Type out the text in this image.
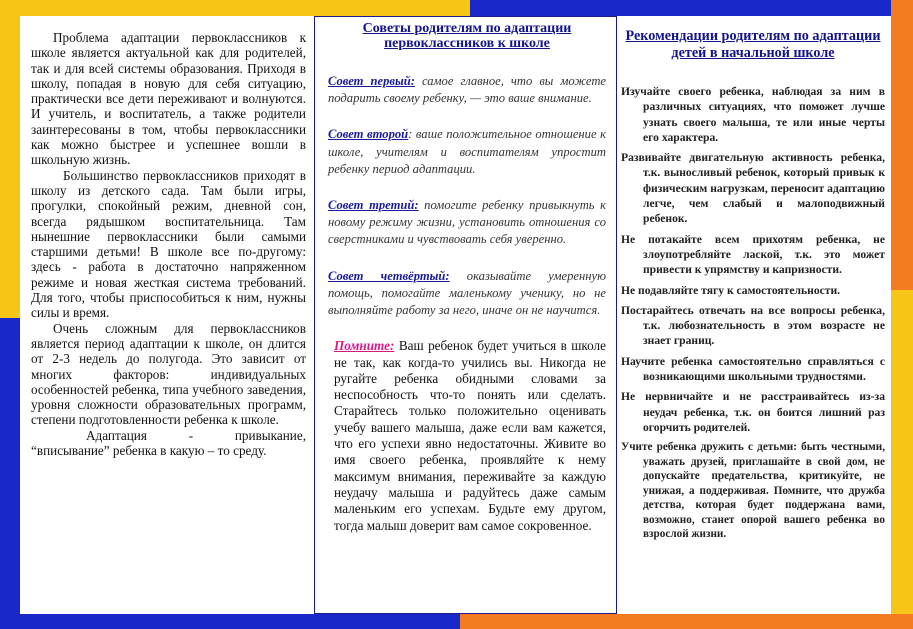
Проблема адаптации первоклассников к школе является актуальной как для родителей, так и для всей системы образования. Приходя в школу, попадая в новую для себя ситуацию, практически все дети переживают и волнуются. И учитель, и воспитатель, а также родители заинтересованы в том, чтобы первоклассники как можно быстрее и успешнее вошли в школьную жизнь.

Большинство первоклассников приходят в школу из детского сада. Там были игры, прогулки, спокойный режим, дневной сон, всегда рядышком воспитательница. Там нынешние первоклассники были самыми старшими детьми! В школе все по-другому: здесь - работа в достаточно напряженном режиме и новая жесткая система требований. Для того, чтобы приспособиться к ним, нужны силы и время.

Очень сложным для первоклассников является период адаптации к школе, он длится от 2-3 недель до полугода. Это зависит от многих факторов: индивидуальных особенностей ребенка, типа учебного заведения, уровня сложности образовательных программ, степени подготовленности ребенка к школе.

Адаптация - привыкание, “вписывание” ребенка в какую – то среду.

Советы родителям по адаптации первоклассников к школе

Совет первый: самое главное, что вы можете подарить своему ребенку, — это ваше внимание.

Совет второй: ваше положительное отношение к школе, учителям и воспитателям упростит ребенку период адаптации.

Совет третий: помогите ребенку привыкнуть к новому режиму жизни, установить отношения со сверстниками и чувствовать себя уверенно.

Совет четвёртый: оказывайте умеренную помощь, помогайте маленькому ученику, но не выполняйте работу за него, иначе он не научится.

Помните: Ваш ребенок будет учиться в школе не так, как когда-то учились вы. Никогда не ругайте ребенка обидными словами за неспособность что-то понять или сделать. Старайтесь только положительно оценивать учебу вашего малыша, даже если вам кажется, что его успехи явно недостаточны. Живите во имя своего ребенка, проявляйте к нему максимум внимания, переживайте за каждую неудачу малыша и радуйтесь даже самым маленьким его успехам. Будьте ему другом, тогда малыш доверит вам самое сокровенное.

Рекомендации родителям по адаптации детей в начальной школе

Изучайте своего ребенка, наблюдая за ним в различных ситуациях, что поможет лучше узнать своего малыша, те или иные черты его характера.

Развивайте двигательную активность ребенка, т.к. выносливый ребенок, который привык к физическим нагрузкам, переносит адаптацию легче, чем слабый и малоподвижный ребенок.

Не потакайте всем прихотям ребенка, не злоупотребляйте лаской, т.к. это может привести к упрямству и капризности.

Не подавляйте тягу к самостоятельности.

Постарайтесь отвечать на все вопросы ребенка, т.к. любознательность в этом возрасте не знает границ.

Научите ребенка самостоятельно справляться с возникающими школьными трудностями.

Не нервничайте и не расстраивайтесь из-за неудач ребенка, т.к. он боится лишний раз огорчить родителей.

Учите ребенка дружить с детьми: быть честными, уважать друзей, приглашайте в свой дом, не допускайте предательства, критикуйте, не унижая, а поддерживая. Помните, что дружба детства, которая будет поддержана вами, возможно, станет опорой вашего ребенка во взрослой жизни.
